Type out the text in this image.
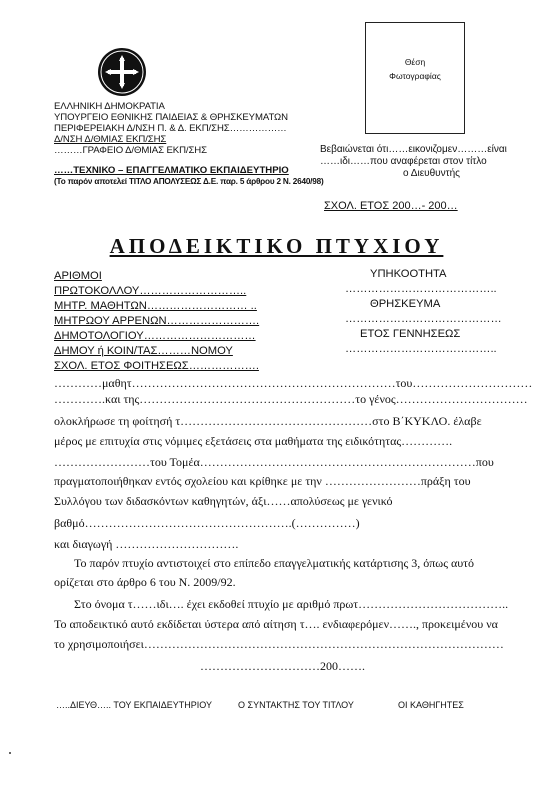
ΕΛΛΗΝΙΚΗ ΔΗΜΟΚΡΑΤΙΑ
ΥΠΟΥΡΓΕΙΟ ΕΘΝΙΚΗΣ ΠΑΙΔΕΙΑΣ & ΘΡΗΣΚΕΥΜΑΤΩΝ
ΠΕΡΙΦΕΡΕΙΑΚΗ Δ/ΝΣΗ Π. & Δ. ΕΚΠ/ΣΗΣ………………
Δ/ΝΣΗ Δ/ΘΜΙΑΣ ΕΚΠ/ΣΗΣ
………ΓΡΑΦΕΙΟ Δ/ΘΜΙΑΣ ΕΚΠ/ΣΗΣ
……ΤΕΧΝΙΚΟ – ΕΠΑΓΓΕΛΜΑΤΙΚΟ ΕΚΠΑΙΔΕΥΤΗΡΙΟ
(Το παρόν αποτελεί ΤΙΤΛΟ ΑΠΟΛΥΣΕΩΣ Δ.Ε. παρ. 5 άρθρου 2 Ν. 2640/98)
Θέση
Φωτογραφίας
Βεβαιώνεται ότι……εικονιζομεν………είναι
……ιδι……που αναφέρεται στον τίτλο
ο Διευθυντής
ΣΧΟΛ. ΕΤΟΣ 200…- 200…
ΑΠΟΔΕΙΚΤΙΚΟ ΠΤΥΧΙΟΥ
ΑΡΙΘΜΟΙ
ΠΡΩΤΟΚΟΛΛΟΥ………………………..
ΜΗΤΡ. ΜΑΘΗΤΩΝ……………………… ..
ΜΗΤΡΩΟΥ ΑΡΡΕΝΩΝ…………………….
ΔΗΜΟΤΟΛΟΓΙΟΥ…………………………
ΔΗΜΟΥ ή ΚΟΙΝ/ΤΑΣ………ΝΟΜΟΥ
ΣΧΟΛ. ΕΤΟΣ ΦΟΙΤΗΣΕΩΣ……………….
ΥΠΗΚΟΟΤΗΤΑ
…………………………………..
ΘΡΗΣΚΕΥΜΑ
……………………………………
ΕΤΟΣ ΓΕΝΝΗΣΕΩΣ
…………………………………..
…………μαθητ…………………………………………………………του…………………………
………….και της………………………………………………το γένος……………………………
ολοκλήρωσε τη φοίτησή τ…………………………………………στο Β΄ΚΥΚΛΟ. έλαβε
μέρος με επιτυχία στις νόμιμες εξετάσεις στα μαθήματα της ειδικότητας………….
……………………του Τομέα……………………………………………………………που
πραγματοποιήθηκαν εντός σχολείου και κρίθηκε με την ……………………πράξη του
Συλλόγου των διδασκόντων καθηγητών, άξι……απολύσεως με γενικό
βαθμό…………………………………………….(……………)
και διαγωγή ………………………….
Το παρόν πτυχίο αντιστοιχεί στο επίπεδο επαγγελματικής κατάρτισης 3, όπως αυτό
ορίζεται στο άρθρο 6 του Ν. 2009/92.
Στο όνομα τ……ιδι…. έχει εκδοθεί πτυχίο με αριθμό πρωτ………………………………..
Το αποδεικτικό αυτό εκδίδεται ύστερα από αίτηση τ…. ενδιαφερόμεν……., προκειμένου να
το χρησιμοποιήσει………………………………………………………………………………
…………………………200…….
…..ΔΙΕΥΘ….. ΤΟΥ ΕΚΠΑΙΔΕΥΤΗΡΙΟΥ	Ο ΣΥΝΤΑΚΤΗΣ ΤΟΥ ΤΙΤΛΟΥ	ΟΙ ΚΑΘΗΓΗΤΕΣ
